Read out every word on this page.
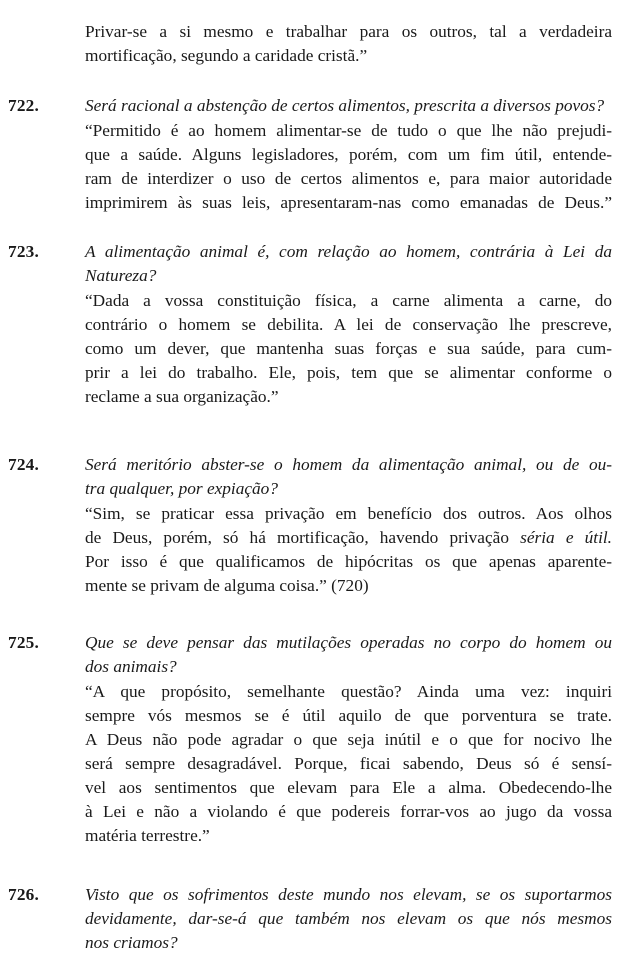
Privar-se a si mesmo e trabalhar para os outros, tal a verdadeira
mortificação, segundo a caridade cristã.”
722.	Será racional a abstenção de certos alimentos, prescrita a diversos povos?
“Permitido é ao homem alimentar-se de tudo o que lhe não prejudi-
que a saúde. Alguns legisladores, porém, com um fim útil, entende-
ram de interdizer o uso de certos alimentos e, para maior autoridade
imprimirem às suas leis, apresentaram-nas como emanadas de Deus.”
723.	A alimentação animal é, com relação ao homem, contrária à Lei da
Natureza?
“Dada a vossa constituição física, a carne alimenta a carne, do
contrário o homem se debilita. A lei de conservação lhe prescreve,
como um dever, que mantenha suas forças e sua saúde, para cum-
prir a lei do trabalho. Ele, pois, tem que se alimentar conforme o
reclame a sua organização.”
724.	Será meritório abster-se o homem da alimentação animal, ou de ou-
tra qualquer, por expiação?
“Sim, se praticar essa privação em benefício dos outros. Aos olhos
de Deus, porém, só há mortificação, havendo privação séria e útil.
Por isso é que qualificamos de hipócritas os que apenas aparente-
mente se privam de alguma coisa.” (720)
725.	Que se deve pensar das mutilações operadas no corpo do homem ou
dos animais?
“A que propósito, semelhante questão? Ainda uma vez: inquiri
sempre vós mesmos se é útil aquilo de que porventura se trate.
A Deus não pode agradar o que seja inútil e o que for nocivo lhe
será sempre desagradável. Porque, ficai sabendo, Deus só é sensí-
vel aos sentimentos que elevam para Ele a alma. Obedecendo-lhe
à Lei e não a violando é que podereis forrar-vos ao jugo da vossa
matéria terrestre.”
726.	Visto que os sofrimentos deste mundo nos elevam, se os suportarmos
devidamente, dar-se-á que também nos elevam os que nós mesmos
nos criamos?
